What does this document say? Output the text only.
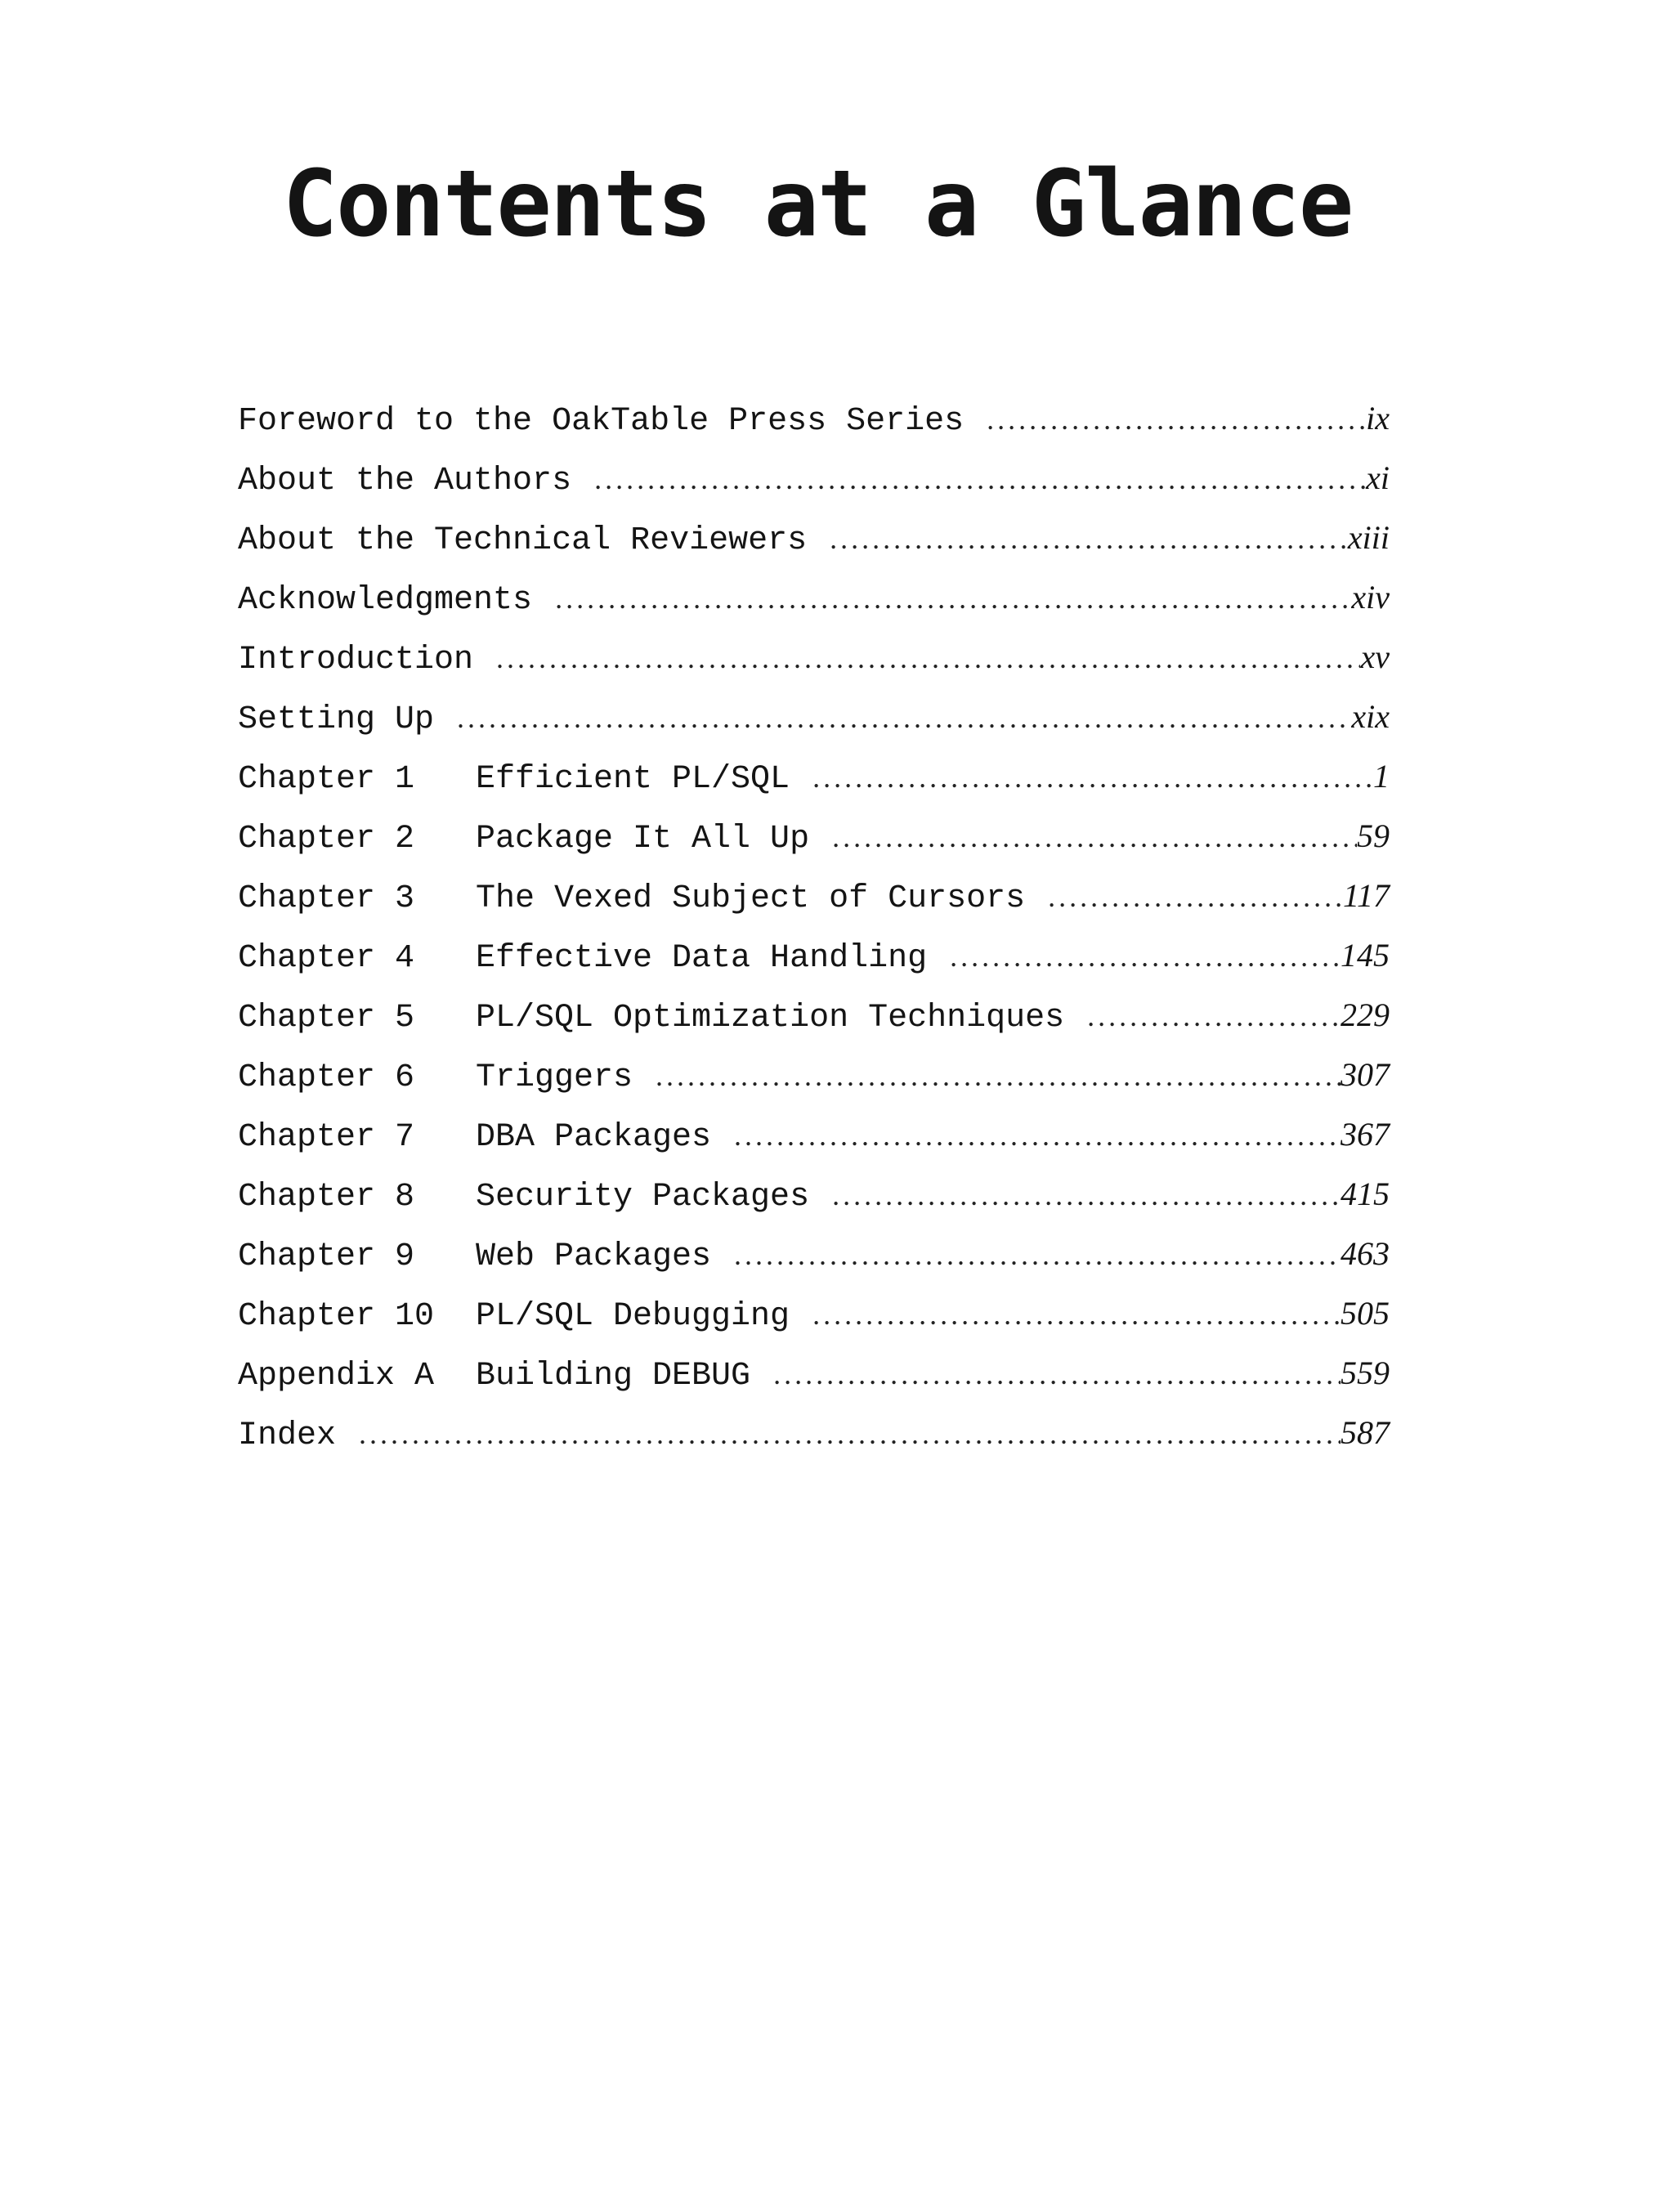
Contents at a Glance
Foreword to the OakTable Press Series .....	ix
About the Authors .....	xi
About the Technical Reviewers .....	xiii
Acknowledgments .....	xiv
Introduction .....	xv
Setting Up .....	xix
Chapter 1	Efficient PL/SQL .....	1
Chapter 2	Package It All Up .....	59
Chapter 3	The Vexed Subject of Cursors .....	117
Chapter 4	Effective Data Handling .....	145
Chapter 5	PL/SQL Optimization Techniques .....	229
Chapter 6	Triggers .....	307
Chapter 7	DBA Packages .....	367
Chapter 8	Security Packages .....	415
Chapter 9	Web Packages .....	463
Chapter 10	PL/SQL Debugging .....	505
Appendix A	Building DEBUG .....	559
Index .....	587
